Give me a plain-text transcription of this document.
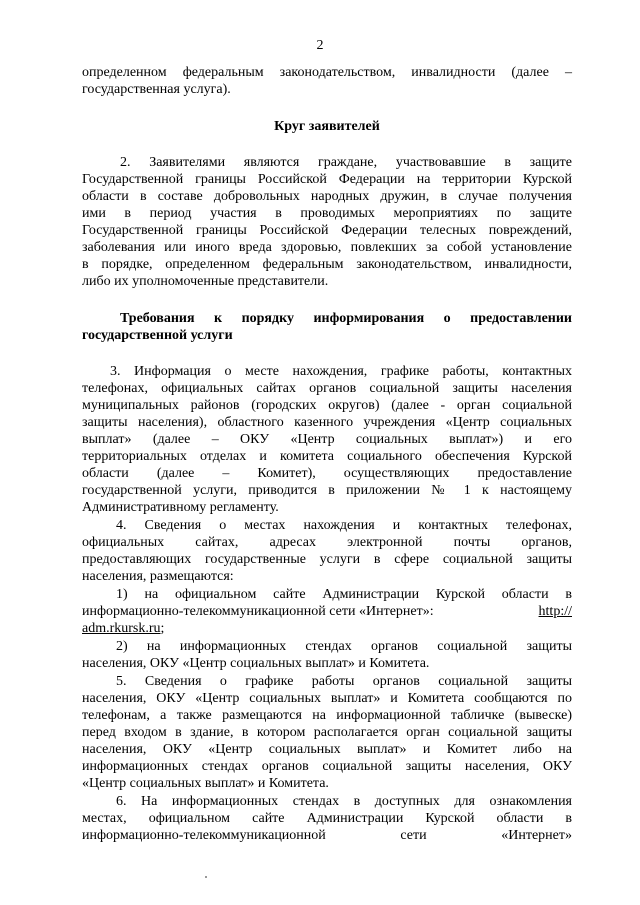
2
определенном федеральным законодательством, инвалидности (далее –
государственная услуга).
Круг заявителей
2. Заявителями являются граждане, участвовавшие в защите
Государственной границы Российской Федерации на территории Курской
области в составе добровольных народных дружин, в случае получения
ими в период участия в проводимых мероприятиях по защите
Государственной границы Российской Федерации телесных повреждений,
заболевания или иного вреда здоровью, повлекших за собой установление
в порядке, определенном федеральным законодательством, инвалидности,
либо их уполномоченные представители.
Требования к порядку информирования о предоставлении
государственной услуги
3. Информация о месте нахождения, графике работы, контактных
телефонах, официальных сайтах органов социальной защиты населения
муниципальных районов (городских округов) (далее - орган социальной
защиты населения), областного казенного учреждения «Центр социальных
выплат» (далее – ОКУ «Центр социальных выплат») и его
территориальных отделах и комитета социального обеспечения Курской
области (далее – Комитет), осуществляющих предоставление
государственной услуги, приводится в приложении № 1 к настоящему
Административному регламенту.
4. Сведения о местах нахождения и контактных телефонах,
официальных сайтах, адресах электронной почты органов,
предоставляющих государственные услуги в сфере социальной защиты
населения, размещаются:
1) на официальном сайте Администрации Курской области в
информационно-телекоммуникационной сети «Интернет»:	http://
adm.rkursk.ru;
2) на информационных стендах органов социальной защиты
населения, ОКУ «Центр социальных выплат» и Комитета.
5. Сведения о графике работы органов социальной защиты
населения, ОКУ «Центр социальных выплат» и Комитета сообщаются по
телефонам, а также размещаются на информационной табличке (вывеске)
перед входом в здание, в котором располагается орган социальной защиты
населения, ОКУ «Центр социальных выплат» и Комитет либо на
информационных стендах органов социальной защиты населения, ОКУ
«Центр социальных выплат» и Комитета.
6. На информационных стендах в доступных для ознакомления
местах, официальном сайте Администрации Курской области в
информационно-телекоммуникационной сети «Интернет»
